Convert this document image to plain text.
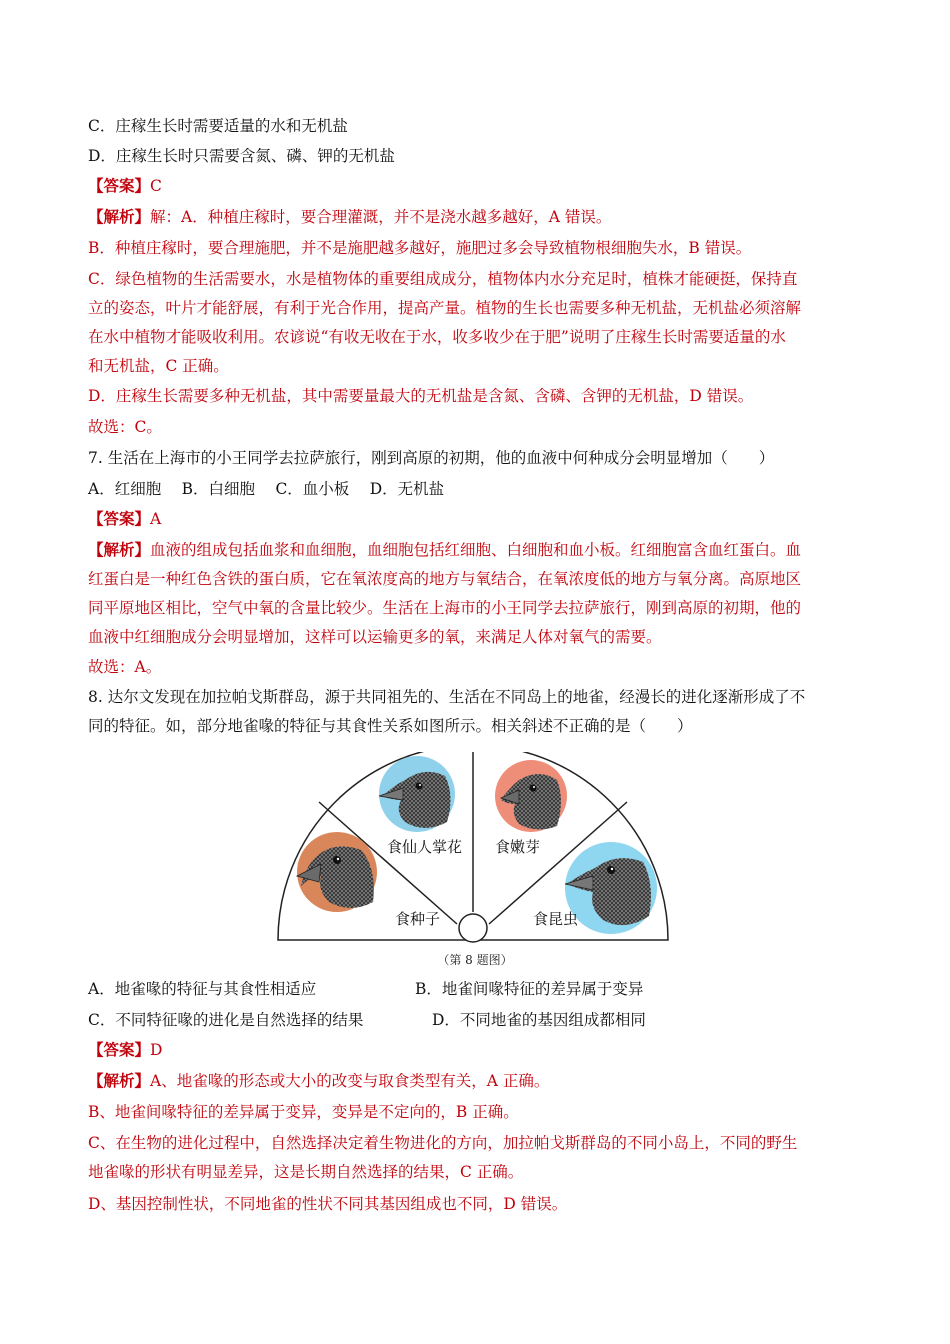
C．庄稼生长时需要适量的水和无机盐
D．庄稼生长时只需要含氮、磷、钾的无机盐
【答案】C
【解析】解：A．种植庄稼时，要合理灌溉，并不是浇水越多越好，A 错误。
B．种植庄稼时，要合理施肥，并不是施肥越多越好，施肥过多会导致植物根细胞失水，B 错误。
C．绿色植物的生活需要水，水是植物体的重要组成成分，植物体内水分充足时，植株才能硬挺，保持直
立的姿态，叶片才能舒展，有利于光合作用，提高产量。植物的生长也需要多种无机盐，无机盐必须溶解
在水中植物才能吸收利用。农谚说“有收无收在于水，收多收少在于肥”说明了庄稼生长时需要适量的水
和无机盐，C 正确。
D．庄稼生长需要多种无机盐，其中需要量最大的无机盐是含氮、含磷、含钾的无机盐，D 错误。
故选：C。
7. 生活在上海市的小王同学去拉萨旅行，刚到高原的初期，他的血液中何种成分会明显增加（　　）
A．红细胞　 B．白细胞　 C．血小板　 D．无机盐
【答案】A
【解析】血液的组成包括血浆和血细胞，血细胞包括红细胞、白细胞和血小板。红细胞富含血红蛋白。血
红蛋白是一种红色含铁的蛋白质，它在氧浓度高的地方与氧结合，在氧浓度低的地方与氧分离。高原地区
同平原地区相比，空气中氧的含量比较少。生活在上海市的小王同学去拉萨旅行，刚到高原的初期，他的
血液中红细胞成分会明显增加，这样可以运输更多的氧，来满足人体对氧气的需要。
故选：A。
8. 达尔文发现在加拉帕戈斯群岛，源于共同祖先的、生活在不同岛上的地雀，经漫长的进化逐渐形成了不
同的特征。如，部分地雀喙的特征与其食性关系如图所示。相关斜述不正确的是（　　）
食种子
食仙人掌花 食嫩芽
食昆虫
（第 8 题图）
A．地雀喙的特征与其食性相适应	B．地雀间喙特征的差异属于变异
C．不同特征喙的进化是自然选择的结果	D．不同地雀的基因组成都相同
【答案】D
【解析】A、地雀喙的形态或大小的改变与取食类型有关，A 正确。
B、地雀间喙特征的差异属于变异，变异是不定向的，B 正确。
C、在生物的进化过程中，自然选择决定着生物进化的方向，加拉帕戈斯群岛的不同小岛上，不同的野生
地雀喙的形状有明显差异，这是长期自然选择的结果，C 正确。
D、基因控制性状，不同地雀的性状不同其基因组成也不同，D 错误。
